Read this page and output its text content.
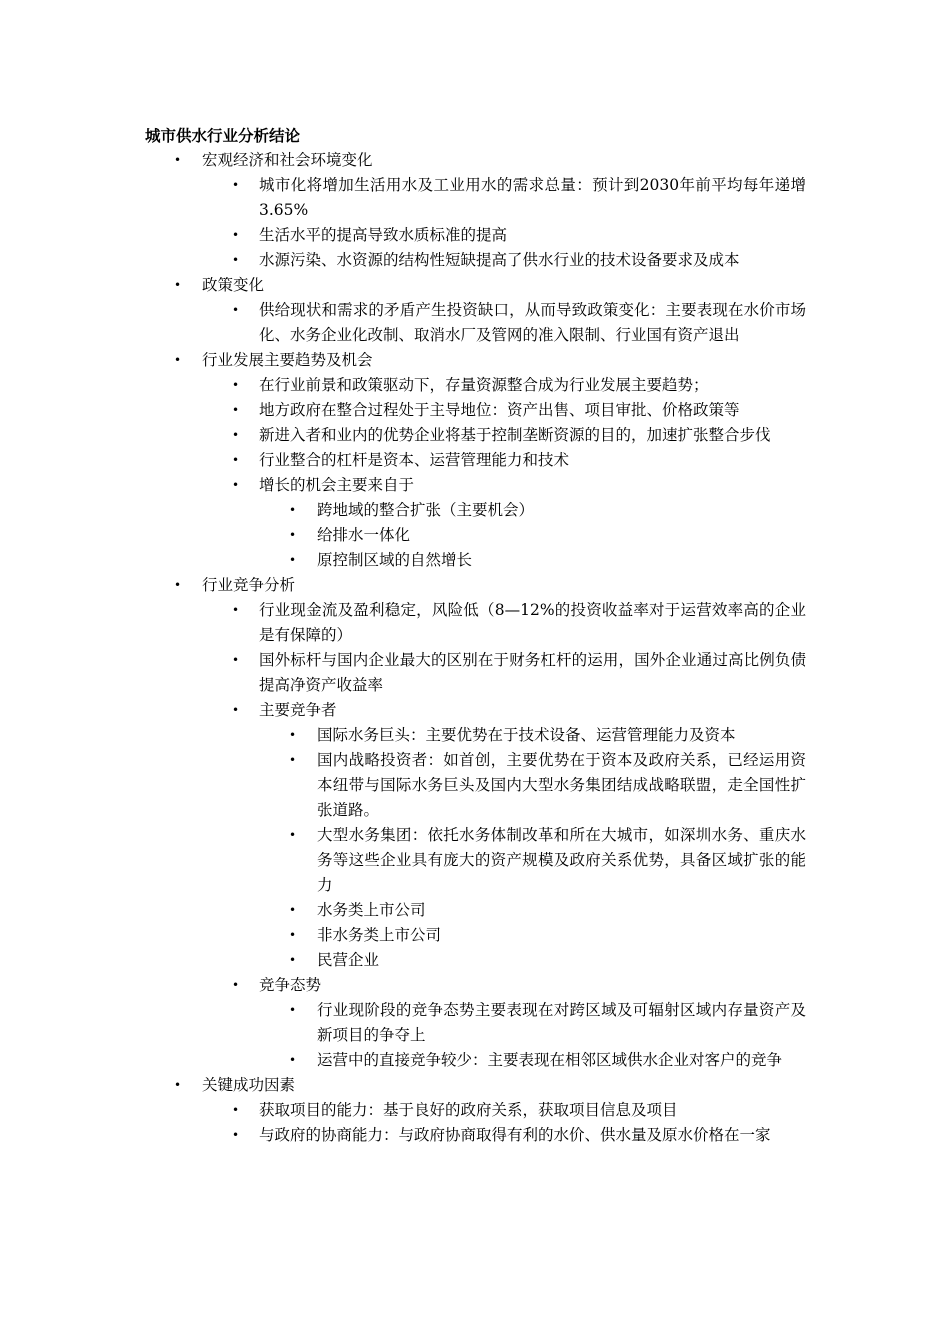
城市供水行业分析结论
• 宏观经济和社会环境变化
• 城市化将增加生活用水及工业用水的需求总量：预计到2030年前平均每年递增3.65%
• 生活水平的提高导致水质标准的提高
• 水源污染、水资源的结构性短缺提高了供水行业的技术设备要求及成本
• 政策变化
• 供给现状和需求的矛盾产生投资缺口，从而导致政策变化：主要表现在水价市场化、水务企业化改制、取消水厂及管网的准入限制、行业国有资产退出
• 行业发展主要趋势及机会
• 在行业前景和政策驱动下，存量资源整合成为行业发展主要趋势；
• 地方政府在整合过程处于主导地位：资产出售、项目审批、价格政策等
• 新进入者和业内的优势企业将基于控制垄断资源的目的，加速扩张整合步伐
• 行业整合的杠杆是资本、运营管理能力和技术
• 增长的机会主要来自于
• 跨地域的整合扩张（主要机会）
• 给排水一体化
• 原控制区域的自然增长
• 行业竞争分析
• 行业现金流及盈利稳定，风险低（8—12%的投资收益率对于运营效率高的企业是有保障的）
• 国外标杆与国内企业最大的区别在于财务杠杆的运用，国外企业通过高比例负债提高净资产收益率
• 主要竞争者
• 国际水务巨头：主要优势在于技术设备、运营管理能力及资本
• 国内战略投资者：如首创，主要优势在于资本及政府关系，已经运用资本纽带与国际水务巨头及国内大型水务集团结成战略联盟，走全国性扩张道路。
• 大型水务集团：依托水务体制改革和所在大城市，如深圳水务、重庆水务等这些企业具有庞大的资产规模及政府关系优势，具备区域扩张的能力
• 水务类上市公司
• 非水务类上市公司
• 民营企业
• 竞争态势
• 行业现阶段的竞争态势主要表现在对跨区域及可辐射区域内存量资产及新项目的争夺上
• 运营中的直接竞争较少：主要表现在相邻区域供水企业对客户的竞争
• 关键成功因素
• 获取项目的能力：基于良好的政府关系，获取项目信息及项目
• 与政府的协商能力：与政府协商取得有利的水价、供水量及原水价格在一家
